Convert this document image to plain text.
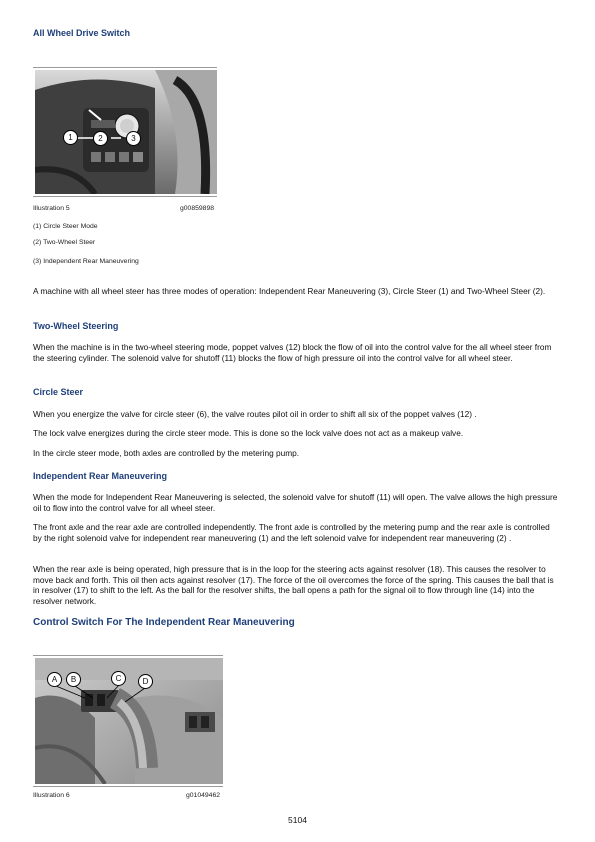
All Wheel Drive Switch
1	2	3
Illustration 5	g00859898
(1) Circle Steer Mode
(2) Two-Wheel Steer
(3) Independent Rear Maneuvering

A machine with all wheel steer has three modes of operation: Independent Rear Maneuvering (3), Circle Steer (1) and Two-Wheel Steer (2).

Two-Wheel Steering

When the machine is in the two-wheel steering mode, poppet valves (12) block the flow of oil into the control valve for the all wheel steer from the steering cylinder. The solenoid valve for shutoff (11) blocks the flow of high pressure oil into the control valve for all wheel steer.

Circle Steer

When you energize the valve for circle steer (6), the valve routes pilot oil in order to shift all six of the poppet valves (12) .

The lock valve energizes during the circle steer mode. This is done so the lock valve does not act as a makeup valve.

In the circle steer mode, both axles are controlled by the metering pump.

Independent Rear Maneuvering

When the mode for Independent Rear Maneuvering is selected, the solenoid valve for shutoff (11) will open. The valve allows the high pressure oil to flow into the control valve for all wheel steer.

The front axle and the rear axle are controlled independently. The front axle is controlled by the metering pump and the rear axle is controlled by the right solenoid valve for independent rear maneuvering (1) and the left solenoid valve for independent rear maneuvering (2) .

When the rear axle is being operated, high pressure that is in the loop for the steering acts against resolver (18). This causes the resolver to move back and forth. This oil then acts against resolver (17). The force of the oil overcomes the force of the spring. This causes the ball that is in resolver (17) to shift to the left. As the ball for the resolver shifts, the ball opens a path for the signal oil to flow through line (14) into the resolver network.

Control Switch For The Independent Rear Maneuvering
A	B	C	D
Illustration 6	g01049462
5104
